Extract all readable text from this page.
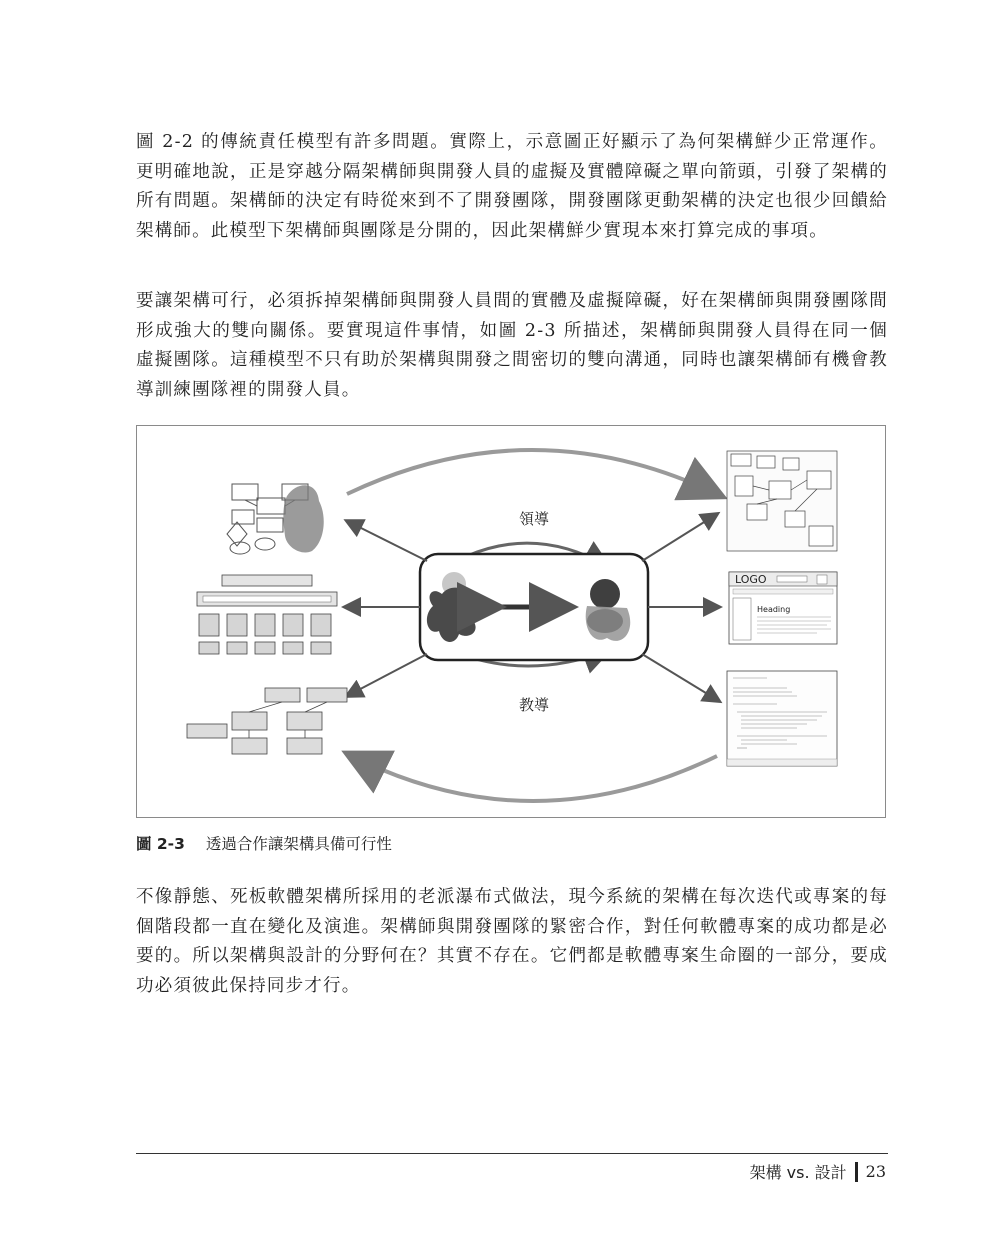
圖 2-2 的傳統責任模型有許多問題。實際上，示意圖正好顯示了為何架構鮮少正常運作。更明確地說，正是穿越分隔架構師與開發人員的虛擬及實體障礙之單向箭頭，引發了架構的所有問題。架構師的決定有時從來到不了開發團隊，開發團隊更動架構的決定也很少回饋給架構師。此模型下架構師與團隊是分開的，因此架構鮮少實現本來打算完成的事項。

要讓架構可行，必須拆掉架構師與開發人員間的實體及虛擬障礙，好在架構師與開發團隊間形成強大的雙向關係。要實現這件事情，如圖 2-3 所描述，架構師與開發人員得在同一個虛擬團隊。這種模型不只有助於架構與開發之間密切的雙向溝通，同時也讓架構師有機會教導訓練團隊裡的開發人員。

領導
教導
LOGO
Heading
圖 2-3 透過合作讓架構具備可行性

不像靜態、死板軟體架構所採用的老派瀑布式做法，現今系統的架構在每次迭代或專案的每個階段都一直在變化及演進。架構師與開發團隊的緊密合作，對任何軟體專案的成功都是必要的。所以架構與設計的分野何在？其實不存在。它們都是軟體專案生命圈的一部分，要成功必須彼此保持同步才行。

架構 vs. 設計 23
